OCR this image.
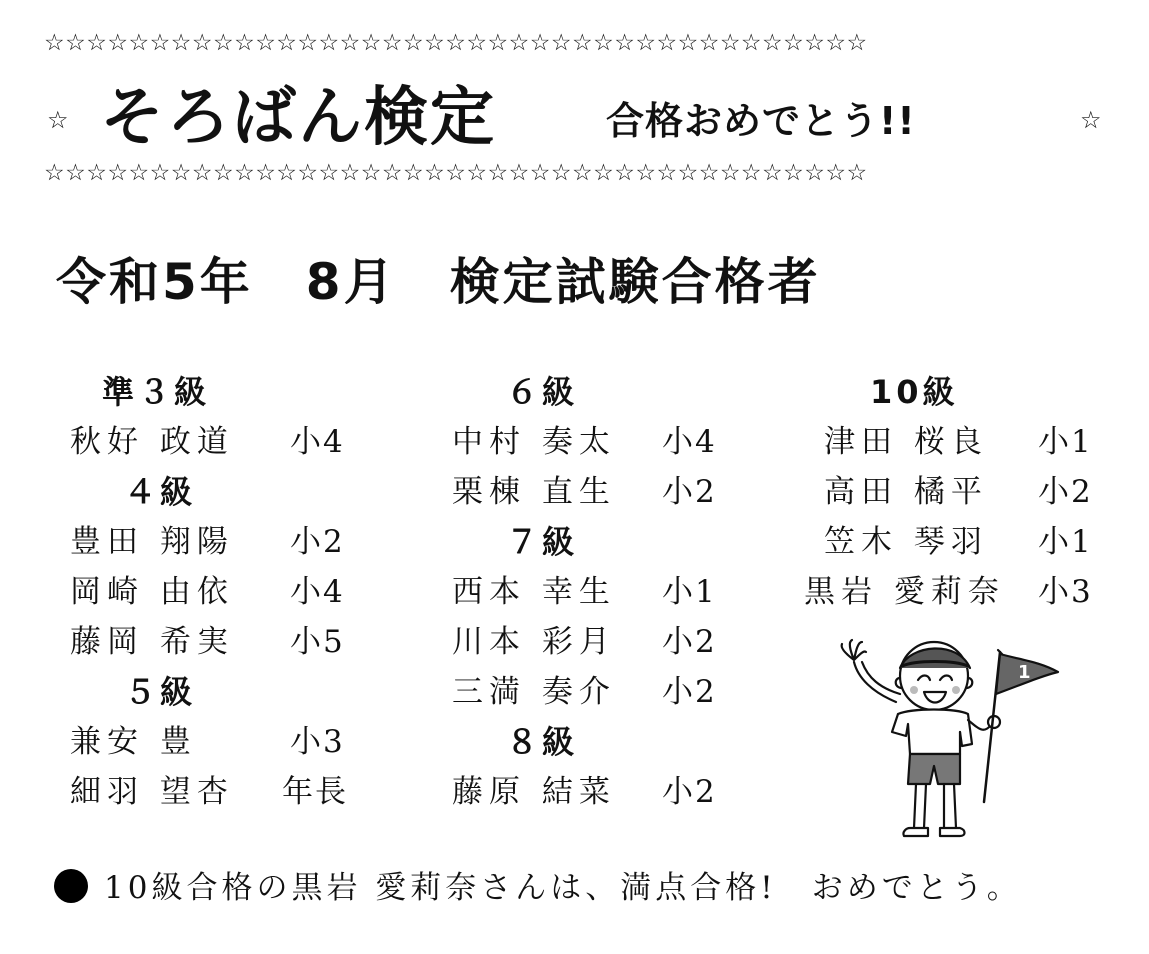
☆☆☆☆☆☆☆☆☆☆☆☆☆☆☆☆☆☆☆☆☆☆☆☆☆☆☆☆☆☆☆☆☆☆☆☆☆☆☆
☆ そろばん検定	合格おめでとう!!	☆
☆☆☆☆☆☆☆☆☆☆☆☆☆☆☆☆☆☆☆☆☆☆☆☆☆☆☆☆☆☆☆☆☆☆☆☆☆☆☆
令和5年　8月　検定試験合格者
準３級
秋好 政道 小4
４級
豊田 翔陽 小2
岡崎 由依 小4
藤岡 希実 小5
５級
兼安 豊	小3
細羽 望杏 年長
６級
中村 奏太 小4
栗棟 直生 小2
７級
西本 幸生 小1
川本 彩月 小2
三満 奏介 小2
８級
藤原 結菜 小2
10級
津田 桜良 小1
高田 橘平 小2
笠木 琴羽 小1
黒岩 愛莉奈 小3
1
10級合格の黒岩 愛莉奈さんは、満点合格!　おめでとう。
